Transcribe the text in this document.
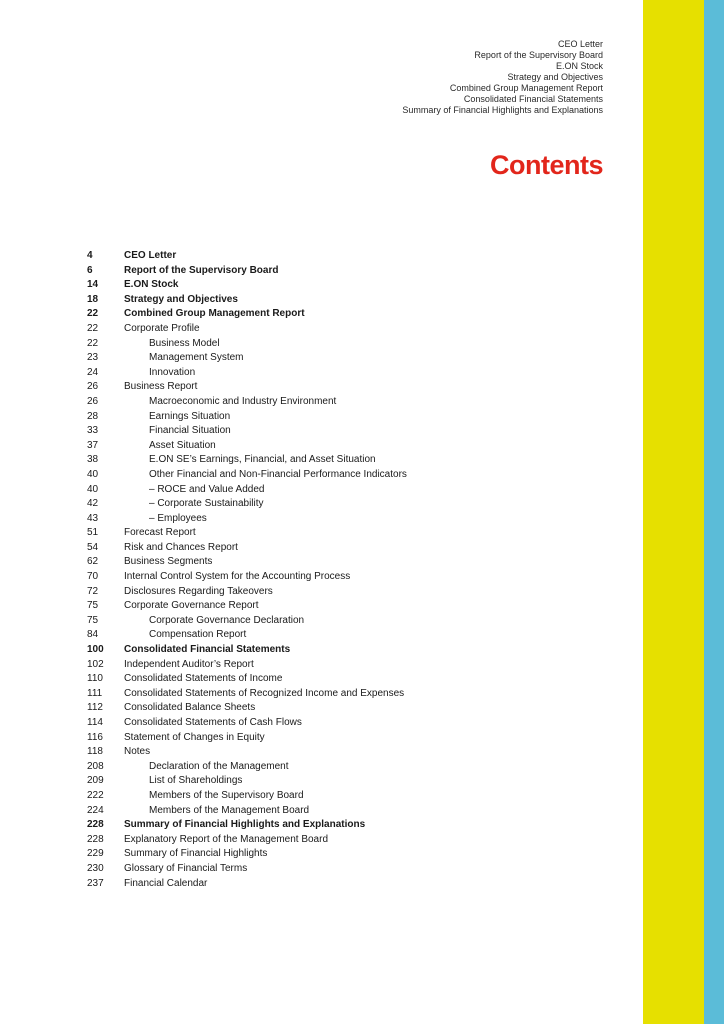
CEO Letter
Report of the Supervisory Board
E.ON Stock
Strategy and Objectives
Combined Group Management Report
Consolidated Financial Statements
Summary of Financial Highlights and Explanations
Contents
4	CEO Letter
6	Report of the Supervisory Board
14	E.ON Stock
18	Strategy and Objectives
22	Combined Group Management Report
22	Corporate Profile
22	Business Model
23	Management System
24	Innovation
26	Business Report
26	Macroeconomic and Industry Environment
28	Earnings Situation
33	Financial Situation
37	Asset Situation
38	E.ON SE’s Earnings, Financial, and Asset Situation
40	Other Financial and Non-Financial Performance Indicators
40	– ROCE and Value Added
42	– Corporate Sustainability
43	– Employees
51	Forecast Report
54	Risk and Chances Report
62	Business Segments
70	Internal Control System for the Accounting Process
72	Disclosures Regarding Takeovers
75	Corporate Governance Report
75	Corporate Governance Declaration
84	Compensation Report
100	Consolidated Financial Statements
102	Independent Auditor’s Report
110	Consolidated Statements of Income
111	Consolidated Statements of Recognized Income and Expenses
112	Consolidated Balance Sheets
114	Consolidated Statements of Cash Flows
116	Statement of Changes in Equity
118	Notes
208	Declaration of the Management
209	List of Shareholdings
222	Members of the Supervisory Board
224	Members of the Management Board
228	Summary of Financial Highlights and Explanations
228	Explanatory Report of the Management Board
229	Summary of Financial Highlights
230	Glossary of Financial Terms
237	Financial Calendar
